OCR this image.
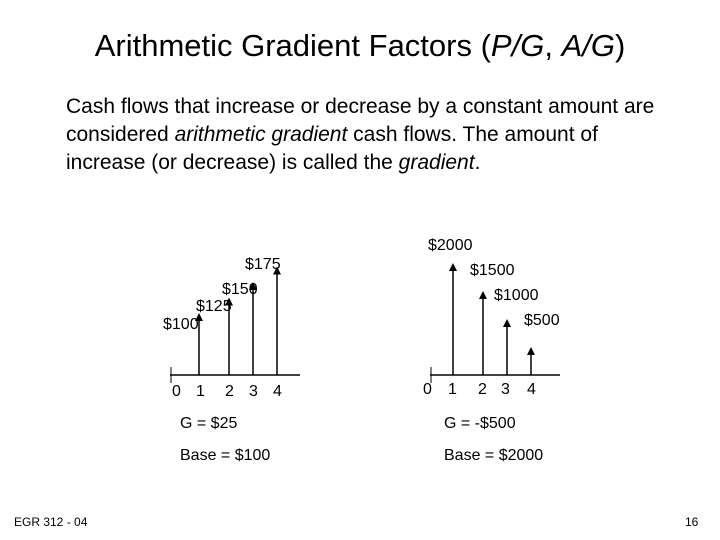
Arithmetic Gradient Factors (P/G, A/G)
Cash flows that increase or decrease by a constant amount are considered arithmetic gradient cash flows. The amount of increase (or decrease) is called the gradient.
0 1 2 3 4
$175
$150
$125
$100
G = $25
Base = $100
0 1 2 3 4
$2000
$1500
$1000
$500
G = -$500
Base = $2000
EGR 312 - 04	16
